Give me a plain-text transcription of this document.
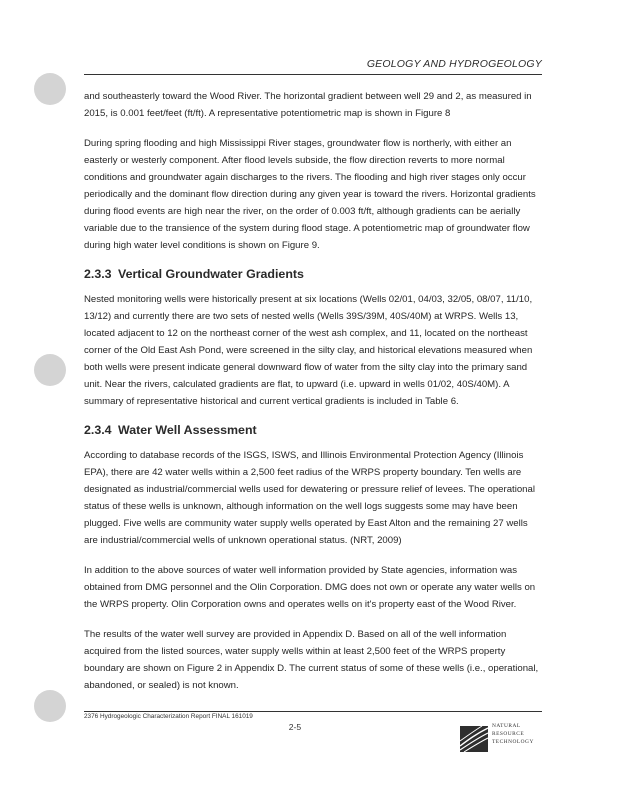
GEOLOGY AND HYDROGEOLOGY

and southeasterly toward the Wood River. The horizontal gradient between well 29 and 2, as measured in 2015, is 0.001 feet/feet (ft/ft). A representative potentiometric map is shown in Figure 8

During spring flooding and high Mississippi River stages, groundwater flow is northerly, with either an easterly or westerly component. After flood levels subside, the flow direction reverts to more normal conditions and groundwater again discharges to the rivers. The flooding and high river stages only occur periodically and the dominant flow direction during any given year is toward the rivers. Horizontal gradients during flood events are high near the river, on the order of 0.003 ft/ft, although gradients can be aerially variable due to the transience of the system during flood stage. A potentiometric map of groundwater flow during high water level conditions is shown on Figure 9.

2.3.3 Vertical Groundwater Gradients

Nested monitoring wells were historically present at six locations (Wells 02/01, 04/03, 32/05, 08/07, 11/10, 13/12) and currently there are two sets of nested wells (Wells 39S/39M, 40S/40M) at WRPS. Wells 13, located adjacent to 12 on the northeast corner of the west ash complex, and 11, located on the northeast corner of the Old East Ash Pond, were screened in the silty clay, and historical elevations measured when both wells were present indicate general downward flow of water from the silty clay into the primary sand unit. Near the rivers, calculated gradients are flat, to upward (i.e. upward in wells 01/02, 40S/40M). A summary of representative historical and current vertical gradients is included in Table 6.

2.3.4 Water Well Assessment

According to database records of the ISGS, ISWS, and Illinois Environmental Protection Agency (Illinois EPA), there are 42 water wells within a 2,500 feet radius of the WRPS property boundary. Ten wells are designated as industrial/commercial wells used for dewatering or pressure relief of levees. The operational status of these wells is unknown, although information on the well logs suggests some may have been plugged. Five wells are community water supply wells operated by East Alton and the remaining 27 wells are industrial/commercial wells of unknown operational status. (NRT, 2009)

In addition to the above sources of water well information provided by State agencies, information was obtained from DMG personnel and the Olin Corporation. DMG does not own or operate any water wells on the WRPS property. Olin Corporation owns and operates wells on it's property east of the Wood River.

The results of the water well survey are provided in Appendix D. Based on all of the well information acquired from the listed sources, water supply wells within at least 2,500 feet of the WRPS property boundary are shown on Figure 2 in Appendix D. The current status of some of these wells (i.e., operational, abandoned, or sealed) is not known.

2376 Hydrogeologic Characterization Report FINAL 161019
2-5	NATURAL
RESOURCE
TECHNOLOGY
